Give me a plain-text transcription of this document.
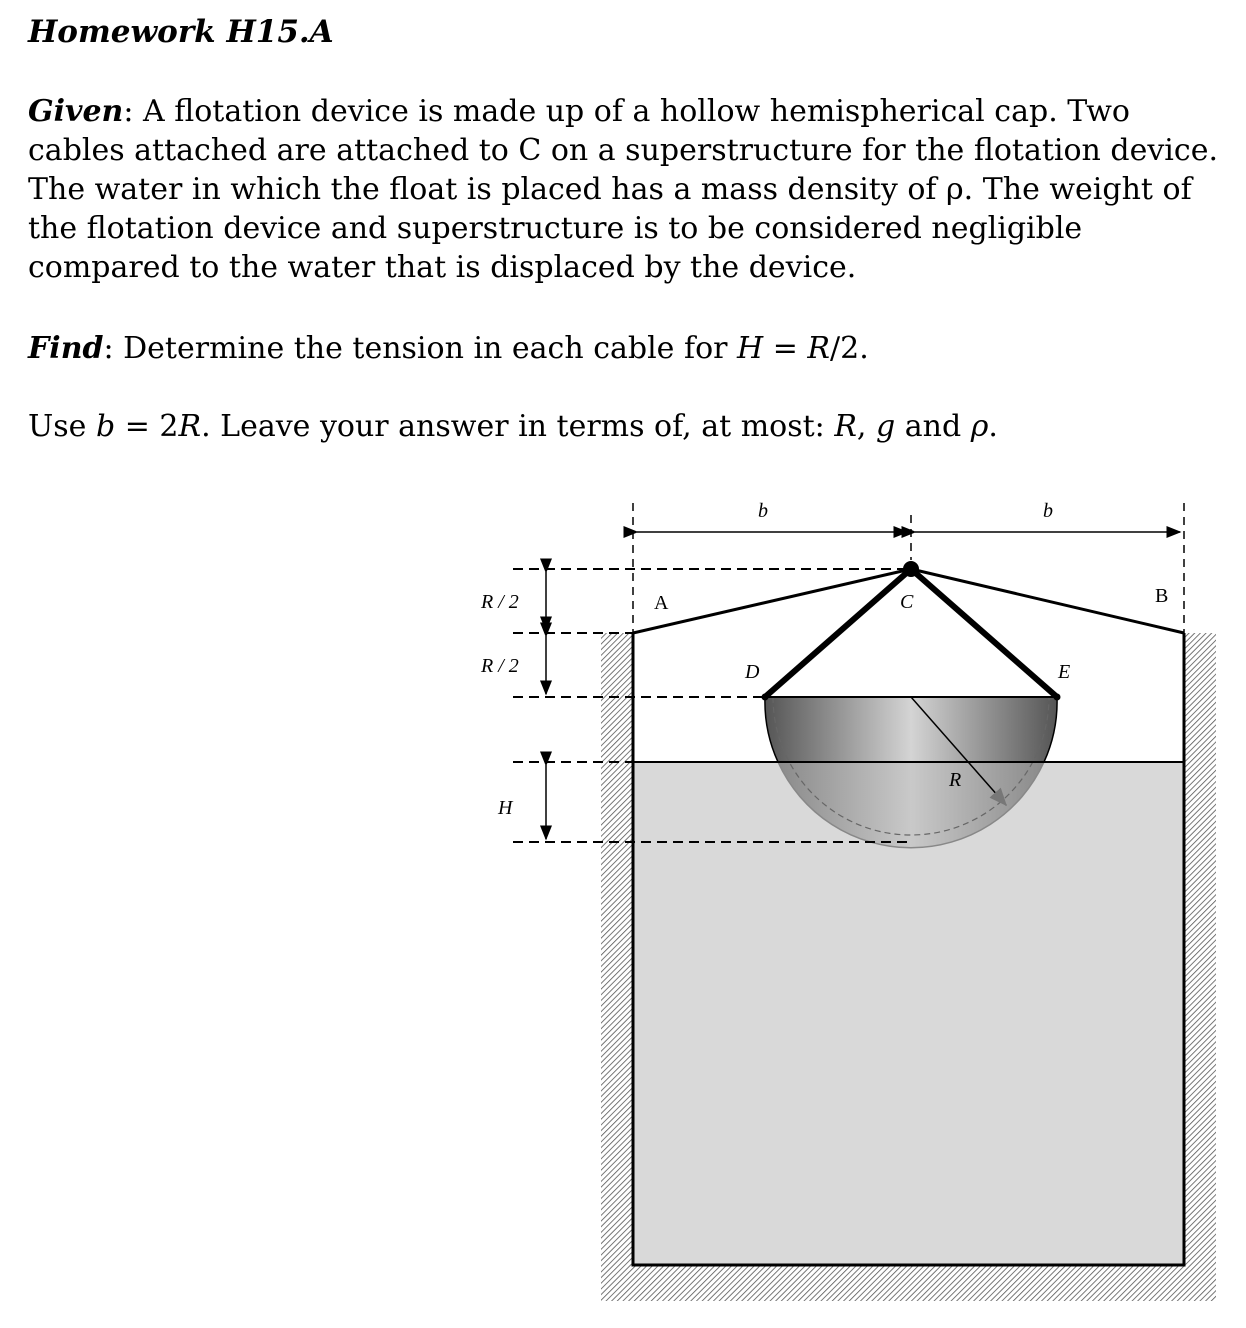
Homework H15.A

Given: A flotation device is made up of a hollow hemispherical cap. Two cables attached are attached to C on a superstructure for the flotation device. The water in which the float is placed has a mass density of ρ. The weight of the flotation device and superstructure is to be considered negligible compared to the water that is displaced by the device.

Find: Determine the tension in each cable for H = R/2.

Use b = 2R. Leave your answer in terms of, at most: R, g and ρ.

b	b
R / 2
R / 2
H
A	B
C
D	E
R
